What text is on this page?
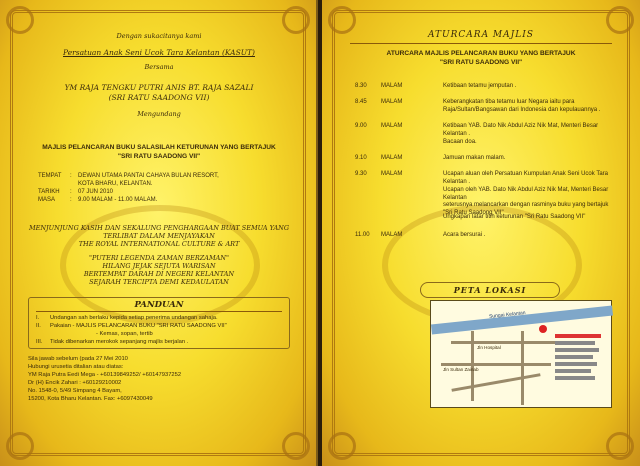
Dengan sukacitanya kami
Persatuan Anak Seni Ucok Tara Kelantan (KASUT)
Bersama
YM RAJA TENGKU PUTRI ANIS BT. RAJA SAZALI
(SRI RATU SAADONG VII)
Mengundang
MAJLIS PELANCARAN BUKU SALASILAH KETURUNAN YANG BERTAJUK
"SRI RATU SAADONG VII"
TEMPAT	:	DEWAN UTAMA PANTAI CAHAYA BULAN RESORT,
KOTA BHARU, KELANTAN.
TARIKH	:	07 JUN 2010
MASA	:	9.00 MALAM - 11.00 MALAM.
MENJUNJUNG KASIH DAN SEKALUNG PENGHARGAAN BUAT SEMUA YANG
TERLIBAT DALAM MENJAYAKAN
THE ROYAL INTERNATIONAL CULTURE & ART
"PUTERI LEGENDA ZAMAN BERZAMAN"
HILANG JEJAK SEJUTA WARISAN
BERTEMPAT DARAH DI NEGERI KELANTAN
SEJARAH TERCIPTA DEMI KEDAULATAN
PANDUAN
I.	Undangan sah berlaku kepida setiap penerima undangan sahaja.
II.	Pakaian - MAJLIS PELANCARAN BUKU "SRI RATU SAADONG VII"
- Kemas, sopan, tertib
III.	Tidak dibenarkan merokok sepanjang majlis berjalan .
Sila jawab sebelum (pada 27 Mei 2010
Hubungi urusetia ditalian atau diatas:
YM Raja Putra Eedi Mega - +60139849252/ +60147937252
Dr (H) Encik Zahari : +60129210002
No. 1548-0, 5/49 Simpang 4 Bayam,
15200, Kota Bharu Kelantan. Fax: +6097430049
ATURCARA MAJLIS
ATURCARA MAJLIS PELANCARAN BUKU YANG BERTAJUK
"SRI RATU SAADONG VII"
8.30	MALAM	Ketibaan tetamu jemputan .
8.45	MALAM	Keberangkatan tiba tetamu luar Negara iaitu para
Raja/Sultan/Bangsawan dari Indonesia dan kepulauannya .
9.00	MALAM	Ketibaan YAB. Dato Nik Abdul Aziz Nik Mat, Menteri Besar Kelantan .
Bacaan doa.
9.10	MALAM	Jamuan makan malam.
9.30	MALAM	Ucapan aluan oleh Persatuan Kumpulan Anak Seni Ucok Tara Kelantan .
Ucapan oleh YAB. Dato Nik Abdul Aziz Nik Mat, Menteri Besar Kelantan
seterusnya melancarkan dengan rasminya buku yang bertajuk
"Sri Ratu Saadong VII"
Ungkapan latar titih keturunan "Sri Ratu Saadong VII"
11.00	MALAM	Acara bersurai .
PETA LOKASI
Sungai Kelantan
Jln Hospital
Jln Sultan Zainab
